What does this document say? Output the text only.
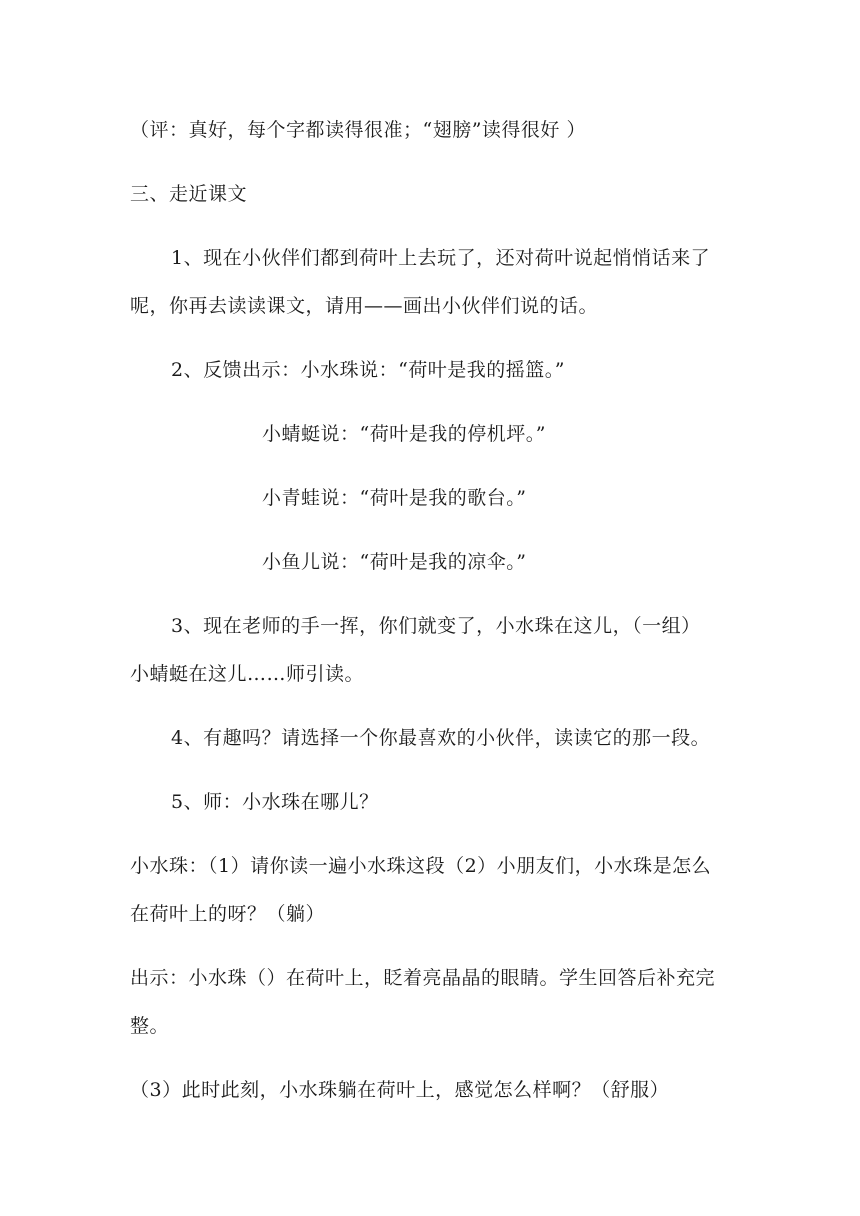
（评：真好，每个字都读得很准；“翅膀”读得很好 ）
三、走近课文
1、现在小伙伴们都到荷叶上去玩了，还对荷叶说起悄悄话来了
呢，你再去读读课文，请用——画出小伙伴们说的话。
2、反馈出示：小水珠说：“荷叶是我的摇篮。”
小蜻蜓说：“荷叶是我的停机坪。”
小青蛙说：“荷叶是我的歌台。”
小鱼儿说：“荷叶是我的凉伞。”
3、现在老师的手一挥，你们就变了，小水珠在这儿，（一组）
小蜻蜓在这儿……师引读。
4、有趣吗？请选择一个你最喜欢的小伙伴，读读它的那一段。
5、师：小水珠在哪儿？
小水珠：（1）请你读一遍小水珠这段（2）小朋友们，小水珠是怎么
在荷叶上的呀？（躺）
出示：小水珠（）在荷叶上，眨着亮晶晶的眼睛。学生回答后补充完
整。
（3）此时此刻，小水珠躺在荷叶上，感觉怎么样啊？（舒服）
